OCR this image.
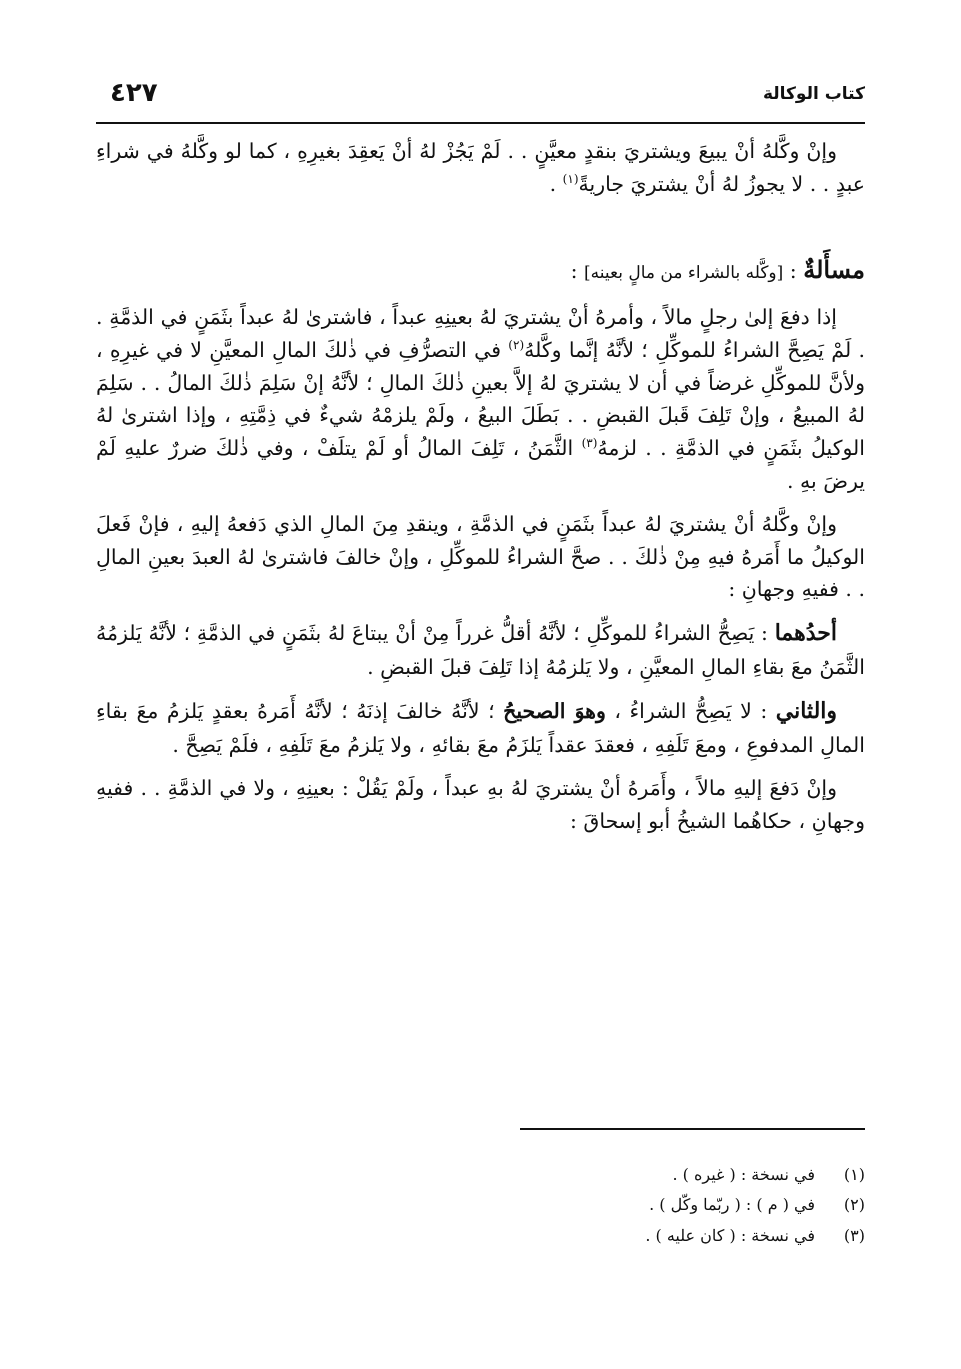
كتاب الوكالة
٤٢٧

وإنْ وكَّلهُ أنْ يبيعَ ويشتريَ بنقدٍ معيَّنٍ . . لَمْ يَجُزْ لهُ أنْ يَعقِدَ بغيرِهِ ، كما لو وكَّلهُ في شراءِ عبدٍ . . لا يجوزُ لهُ أنْ يشتريَ جاريةً$^{(١)}$ .

مسأَلةٌ : [وكَّله بالشراء من مالٍ بعينه] :

إذا دفعَ إلىٰ رجلٍ مالاً ، وأمرهُ أنْ يشتريَ لهُ بعينِهِ عبداً ، فاشترىٰ لهُ عبداً بثَمَنٍ في الذمَّةِ . . لَمْ يَصِحَّ الشراءُ للموكِّلِ ؛ لأنَّهُ إنَّما وكَّلهُ$^{(٢)}$ في التصرُّفِ في ذٰلكَ المالِ المعيَّنِ لا في غيرِهِ ، ولأنَّ للموكِّلِ غرضاً في أن لا يشتريَ لهُ إلاَّ بعينِ ذٰلكَ المالِ ؛ لأنَّهُ إنْ سَلِمَ ذٰلكَ المالُ . . سَلِمَ لهُ المبيعُ ، وإنْ تَلِفَ قَبلَ القبضِ . . بَطَلَ البيعُ ، ولَمْ يلزمْهُ شيءٌ في ذِمَّتِهِ ، وإذا اشترىٰ لهُ الوكيلُ بثَمَنٍ في الذمَّةِ . . لزمهُ$^{(٣)}$ الثَّمَنُ ، تَلِفَ المالُ أو لَمْ يتلَفْ ، وفي ذٰلكَ ضررٌ عليهِ لَمْ يرضَ بهِ .

وإنْ وكَّلهُ أنْ يشتريَ لهُ عبداً بثَمَنٍ في الذمَّةِ ، وينقدِ مِنَ المالِ الذي دَفعهُ إليهِ ، فإنْ فَعلَ الوكيلُ ما أَمَرهُ فيهِ مِنْ ذٰلكَ . . صحَّ الشراءُ للموكِّلِ ، وإنْ خالفَ فاشترىٰ لهُ العبدَ بعينِ المالِ . . ففيهِ وجهانِ :

أحدُهما : يَصِحُّ الشراءُ للموكِّلِ ؛ لأنَّهُ أقلُّ غرراً مِنْ أنْ يبتاعَ لهُ بثَمَنٍ في الذمَّةِ ؛ لأنَّهُ يَلزمُهُ الثَّمَنُ معَ بقاءِ المالِ المعيَّنِ ، ولا يَلزمُهُ إذا تَلِفَ قبلَ القبضِ .

والثاني : لا يَصِحُّ الشراءُ ، وهوَ الصحيحُ ؛ لأنَّهُ خالفَ إذنَهُ ؛ لأنَّهُ أَمَرهُ بعقدٍ يَلزمُ معَ بقاءِ المالِ المدفوعِ ، ومعَ تَلَفِهِ ، فعقدَ عقداً يَلزَمُ معَ بقائهِ ، ولا يَلزمُ معَ تَلَفِهِ ، فلَمْ يَصِحَّ .

وإنْ دَفعَ إليهِ مالاً ، وأَمَرهُ أنْ يشتريَ لهُ بهِ عبداً ، ولَمْ يَقُلْ : بعينِهِ ، ولا في الذمَّةِ . . ففيهِ وجهانِ ، حكاهُما الشيخُ أبو إسحاقَ :

(١)
في نسخة : ( غيره ) .
(٢)
في ( م ) : ( ربّما وكّل ) .
(٣)
في نسخة : ( كان عليه ) .
